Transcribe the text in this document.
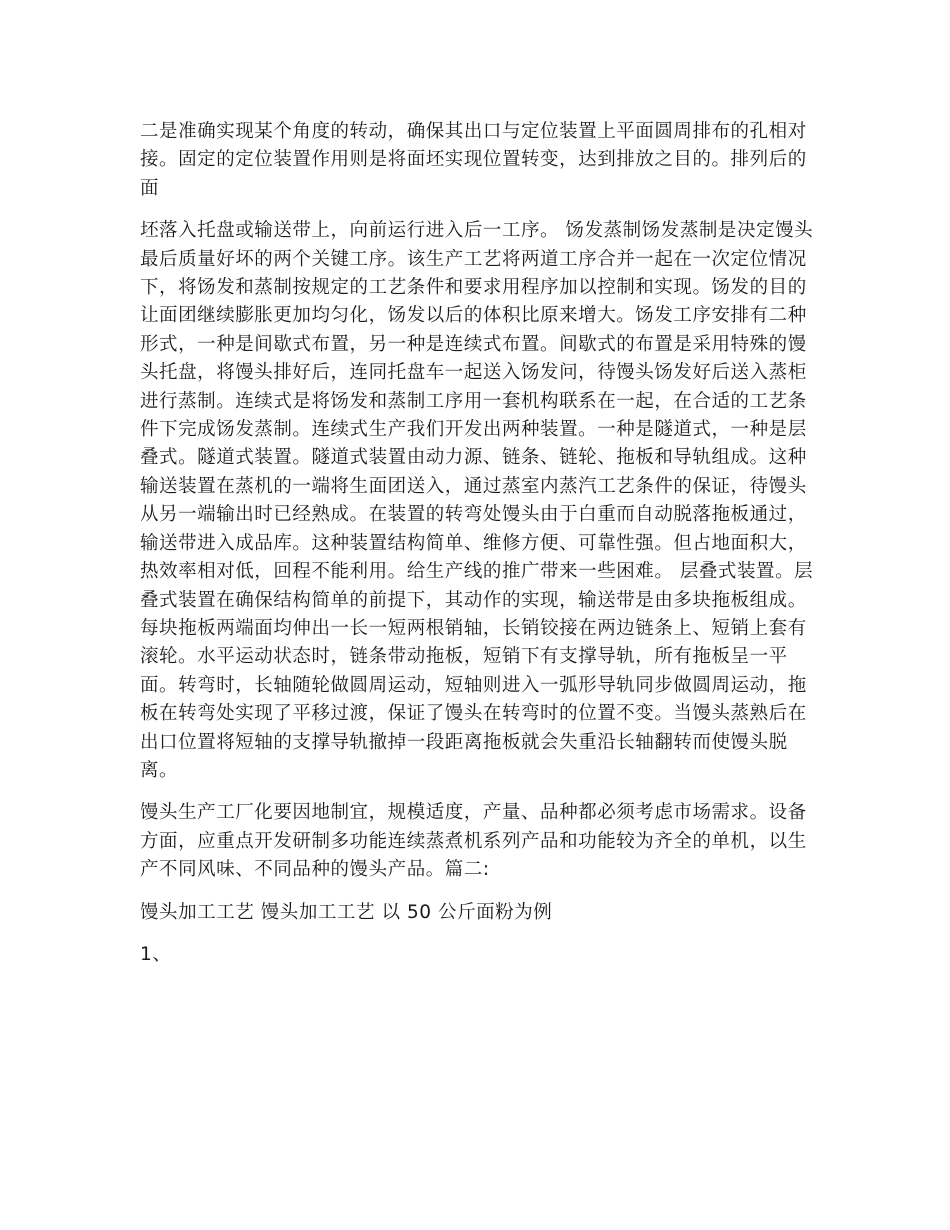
二是准确实现某个角度的转动，确保其出口与定位装置上平面圆周排布的孔相对接。固定的定位装置作用则是将面坯实现位置转变，达到排放之目的。排列后的面

坯落入托盘或输送带上，向前运行进入后一工序。 饧发蒸制饧发蒸制是决定馒头最后质量好坏的两个关键工序。该生产工艺将两道工序合并一起在一次定位情况下，将饧发和蒸制按规定的工艺条件和要求用程序加以控制和实现。饧发的目的让面团继续膨胀更加均匀化，饧发以后的体积比原来增大。饧发工序安排有二种形式，一种是间歇式布置，另一种是连续式布置。间歇式的布置是采用特殊的馒头托盘，将馒头排好后，连同托盘车一起送入饧发问，待馒头饧发好后送入蒸柜进行蒸制。连续式是将饧发和蒸制工序用一套机构联系在一起，在合适的工艺条件下完成饧发蒸制。连续式生产我们开发出两种装置。一种是隧道式，一种是层叠式。隧道式装置。隧道式装置由动力源、链条、链轮、拖板和导轨组成。这种输送装置在蒸机的一端将生面团送入，通过蒸室内蒸汽工艺条件的保证，待馒头从另一端输出时已经熟成。在装置的转弯处馒头由于白重而自动脱落拖板通过，输送带进入成品库。这种装置结构简单、维修方便、可靠性强。但占地面积大，热效率相对低，回程不能利用。给生产线的推广带来一些困难。 层叠式装置。层叠式装置在确保结构简单的前提下，其动作的实现，输送带是由多块拖板组成。每块拖板两端面均伸出一长一短两根销轴，长销铰接在两边链条上、短销上套有滚轮。水平运动状态时，链条带动拖板，短销下有支撑导轨，所有拖板呈一平面。转弯时，长轴随轮做圆周运动，短轴则进入一弧形导轨同步做圆周运动，拖板在转弯处实现了平移过渡，保证了馒头在转弯时的位置不变。当馒头蒸熟后在出口位置将短轴的支撑导轨撤掉一段距离拖板就会失重沿长轴翻转而使馒头脱离。

馒头生产工厂化要因地制宜，规模适度，产量、品种都必须考虑市场需求。设备方面，应重点开发研制多功能连续蒸煮机系列产品和功能较为齐全的单机，以生产不同风味、不同品种的馒头产品。篇二:

馒头加工工艺 馒头加工工艺 以 50 公斤面粉为例

1、
